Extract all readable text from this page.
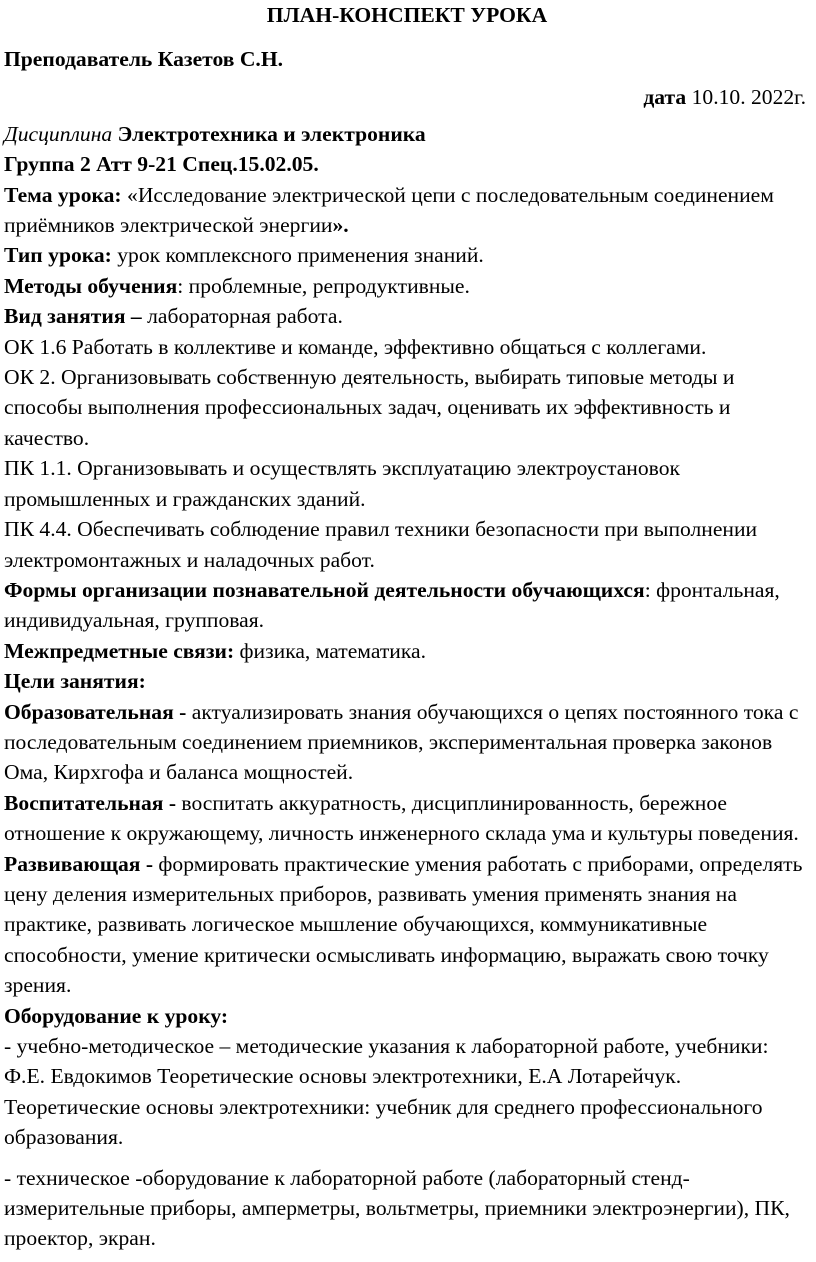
ПЛАН-КОНСПЕКТ УРОКА

Преподаватель Казетов С.Н.

дата 10.10. 2022г.

Дисциплина Электротехника и электроника

Группа 2 Атт 9-21 Спец.15.02.05.

Тема урока: «Исследование электрической цепи с последовательным соединением приёмников электрической энергии».

Тип урока: урок комплексного применения знаний.

Методы обучения: проблемные, репродуктивные.

Вид занятия – лабораторная работа.

ОК 1.6 Работать в коллективе и команде, эффективно общаться с коллегами.

ОК 2. Организовывать собственную деятельность, выбирать типовые методы и способы выполнения профессиональных задач, оценивать их эффективность и качество.

ПК 1.1. Организовывать и осуществлять эксплуатацию электроустановок промышленных и гражданских зданий.

ПК 4.4. Обеспечивать соблюдение правил техники безопасности при выполнении электромонтажных и наладочных работ.

Формы организации познавательной деятельности обучающихся: фронтальная, индивидуальная, групповая.

Межпредметные связи: физика, математика.

Цели занятия:

Образовательная - актуализировать знания обучающихся о цепях постоянного тока с последовательным соединением приемников, экспериментальная проверка законов Ома, Кирхгофа и баланса мощностей.

Воспитательная - воспитать аккуратность, дисциплинированность, бережное отношение к окружающему, личность инженерного склада ума и культуры поведения.

Развивающая - формировать практические умения работать с приборами, определять цену деления измерительных приборов, развивать умения применять знания на практике, развивать логическое мышление обучающихся, коммуникативные способности, умение критически осмысливать информацию, выражать свою точку зрения.

Оборудование к уроку:

- учебно-методическое – методические указания к лабораторной работе, учебники:

Ф.Е. Евдокимов Теоретические основы электротехники, Е.А Лотарейчук. Теоретические основы электротехники: учебник для среднего профессионального образования.

- техническое -оборудование к лабораторной работе (лабораторный стенд-измерительные приборы, амперметры, вольтметры, приемники электроэнергии), ПК, проектор, экран.
